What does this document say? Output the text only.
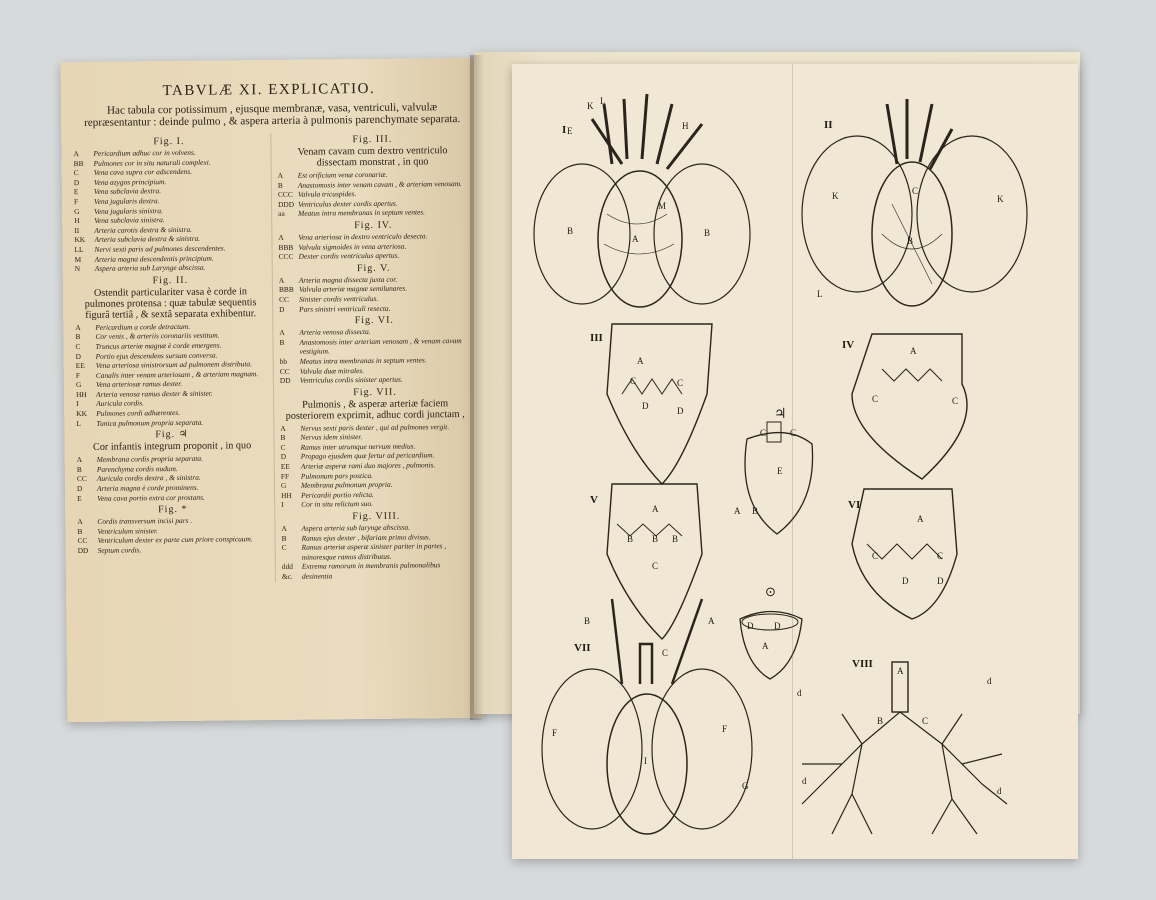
TABVLÆ XI. EXPLICATIO.
Hac tabula cor potissimum , ejusque membranæ, vasa, ventriculi, valvulæ repræsentantur : deinde pulmo , & aspera arteria à pulmonis parenchymate separata.
Fig. I.
A	Pericardium adhuc cor in volvens.
BB	Pulmones cor in situ naturali complexi.
C	Vena cava supra cor adscendens.
D	Vena azygos principium.
E	Vena subclavia dextra.
F	Vena jugularis dextra.
G	Vena jugularis sinistra.
H	Vena subclavia sinistra.
II	Arteria carotis dextra & sinistra.
KK	Arteria subclavia dextra & sinistra.
LL	Nervi sexti paris ad pulmones descendentes.
M	Arteria magna descendentis principium.
N	Aspera arteria sub Larynge abscissa.
Fig. II.
Ostendit particulariter vasa è corde in pulmones protensa : quæ tabulæ sequentis figurâ tertiâ , & sextâ separata exhibentur.
A	Pericardium a corde detractum.
B	Cor venis , & arteriis coronariis vestitum.
C	Truncus arteriæ magnæ è corde emergens.
D	Portio ejus descendens sursum conversa.
EE	Vena arteriosa sinistrorsum ad pulmonem distributa.
F	Canalis inter venam arteriosam , & arteriam magnam.
G	Vena arteriosæ ramus dexter.
HH	Arteria venosa ramus dexter & sinister.
I	Auricula cordis.
KK	Pulmones cordi adhærentes.
L	Tunica pulmonum propria separata.
Fig. ♃
Cor infantis integrum proponit , in quo
A	Membrana cordis propria separata.
B	Parenchyma cordis nudum.
CC	Auricula cordis dextra , & sinistra.
D	Arteria magna è corde prominens.
E	Vena cava portio extra cor prostans.
Fig. *
A	Cordis transversum incisi pars .
B	Ventriculum sinister.
CC	Ventriculum dexter ex parte cum priore conspicuum.
DD	Septum cordis.
Fig. III.
Venam cavam cum dextro ventriculo dissectam monstrat , in quo
A	Est orificium venæ coronariæ.
B	Anastomosis inter venam cavam , & arteriam venosam.
CCC Valvula tricuspides.
DDD Ventriculus dexter cordis apertus.
aa	Meatus intra membranas in septum ventes.
Fig. IV.
A	Vena arteriosa in dextro ventriculo desecta.
BBB Valvula sigmoides in vena arteriosa.
CCC Dexter cordis ventriculus apertus.
Fig. V.
A	Arteria magna dissecta juxta cor.
BBB Valvula arteriæ magnæ semilunares.
CC	Sinister cordis ventriculus.
D	Pars sinistri ventriculi resecta.
Fig. VI.
A	Arteria venosa dissecta.
B	Anastomosis inter arteriam venosam , & venam cavam vestigium.
bb	Meatus intra membranas in septum ventes.
CC	Valvula duæ mitrales.
DD	Ventriculus cordis sinister apertus.
Fig. VII.
Pulmonis , & asperæ arteriæ faciem posteriorem exprimit, adhuc cordi junctam ,
A	Nervus sexti paris dexter , qui ad pulmones vergit.
B	Nervus idem sinister.
C	Ramus inter utrumque nervum medius.
D	Propago ejusdem quæ fertur ad pericardium.
EE	Arteriæ asperæ rami duo majores , pulmonis.
FF	Pulmonum pars postica.
G	Membrana pulmonum propria.
HH	Pericardii portio relicta.
I	Cor in situ relictum suo.
Fig. VIII.
A	Aspera arteria sub larynge abscissa.
B	Ramus ejus dexter , bifariam primo divisus.
C	Ramus arteriæ asperæ sinister pariter in partes , minoresque ramos distributus.
ddd &c.
Extrema ramorum in membranis pulmonalibus desinentia
A
B	B
K L
E	H
M
B
C
K	K
L
A
C	C
D	D
A
C	C
E
C	C
A B
A
B B B
C
A
C	C
D	D
A
D D
I
F	F
G
B	A
C
A
B	C
d
d
d
d
I	II
III
IV
V	VI
VII
VIII
♃
⊙
